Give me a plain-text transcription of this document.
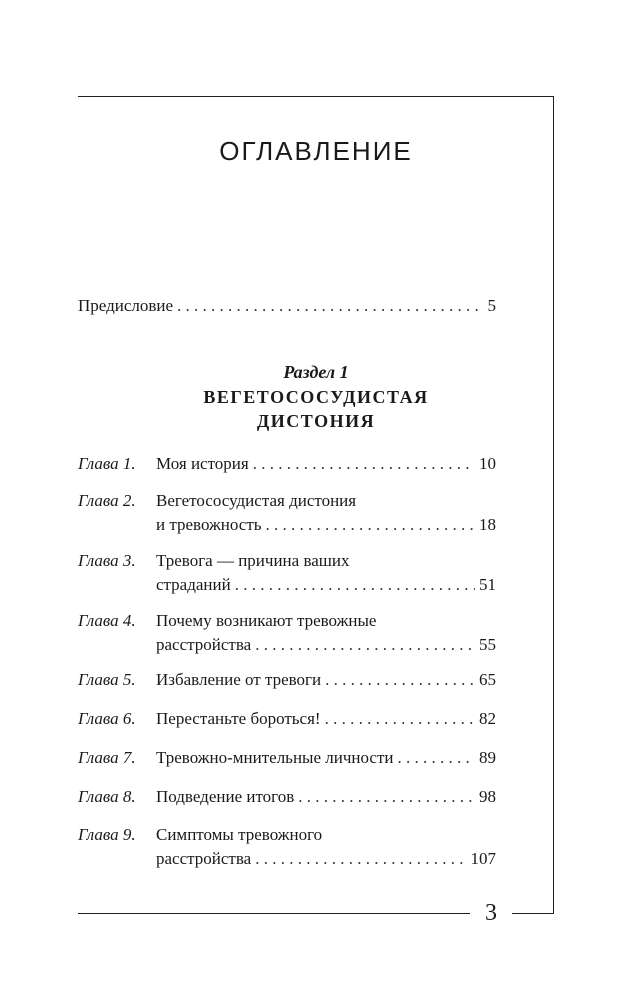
3
ОГЛАВЛЕНИЕ
Предисловие . . .	5
Раздел 1
ВЕГЕТОСОСУДИСТАЯ
ДИСТОНИЯ
Глава 1. Моя история . . .	10
Глава 2. Вегетососудистая дистония
и тревожность . . .	18
Глава 3. Тревога — причина ваших
страданий . . .	51
Глава 4. Почему возникают тревожные
расстройства . . .	55
Глава 5. Избавление от тревоги . . .	65
Глава 6. Перестаньте бороться! . . .	82
Глава 7. Тревожно-мнительные личности . . .	89
Глава 8. Подведение итогов . . .	98
Глава 9. Симптомы тревожного
расстройства . . .	107
